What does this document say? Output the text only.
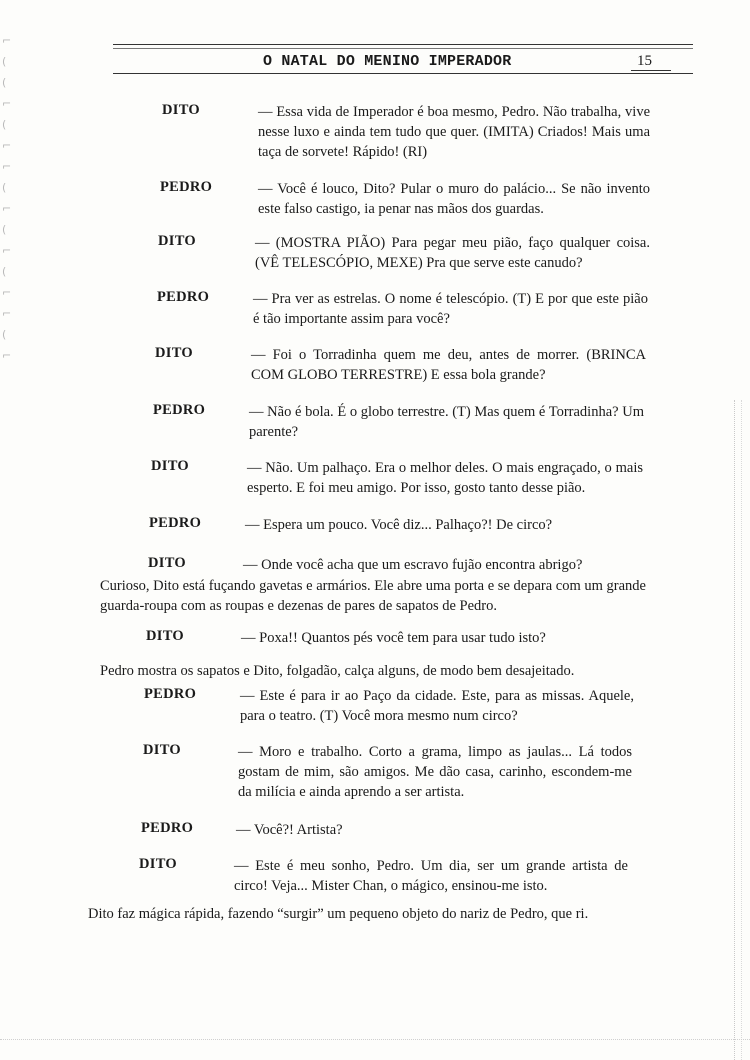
⌐
(
(
⌐
(
⌐
⌐
(
⌐
(
⌐
(
⌐
⌐
(
⌐
O NATAL DO MENINO IMPERADOR	15
DITO	— Essa vida de Imperador é boa mesmo, Pedro. Não trabalha, vive nesse luxo e ainda tem tudo que quer. (IMITA) Criados! Mais uma taça de sorvete! Rápido! (RI)
PEDRO	— Você é louco, Dito? Pular o muro do palácio... Se não invento este falso castigo, ia penar nas mãos dos guardas.
DITO	— (MOSTRA PIÃO) Para pegar meu pião, faço qualquer coisa. (VÊ TELESCÓPIO, MEXE) Pra que serve este canudo?
PEDRO	— Pra ver as estrelas. O nome é telescópio. (T) E por que este pião é tão importante assim para você?
DITO	— Foi o Torradinha quem me deu, antes de morrer. (BRINCA COM GLOBO TERRESTRE) E essa bola grande?
PEDRO	— Não é bola. É o globo terrestre. (T) Mas quem é Torradinha? Um parente?
DITO	— Não. Um palhaço. Era o melhor deles. O mais engraçado, o mais esperto. E foi meu amigo. Por isso, gosto tanto desse pião.
PEDRO	— Espera um pouco. Você diz... Palhaço?! De circo?
DITO	— Onde você acha que um escravo fujão encontra abrigo?
Curioso, Dito está fuçando gavetas e armários. Ele abre uma porta e se depara com um grande guarda-roupa com as roupas e dezenas de pares de sapatos de Pedro.
DITO	— Poxa!! Quantos pés você tem para usar tudo isto?
Pedro mostra os sapatos e Dito, folgadão, calça alguns, de modo bem desajeitado.
PEDRO	— Este é para ir ao Paço da cidade. Este, para as missas. Aquele, para o teatro. (T) Você mora mesmo num circo?
DITO	— Moro e trabalho. Corto a grama, limpo as jaulas... Lá todos gostam de mim, são amigos. Me dão casa, carinho, escondem-me da milícia e ainda aprendo a ser artista.
PEDRO	— Você?! Artista?
DITO	— Este é meu sonho, Pedro. Um dia, ser um grande artista de circo! Veja... Mister Chan, o mágico, ensinou-me isto.
Dito faz mágica rápida, fazendo “surgir” um pequeno objeto do nariz de Pedro, que ri.
